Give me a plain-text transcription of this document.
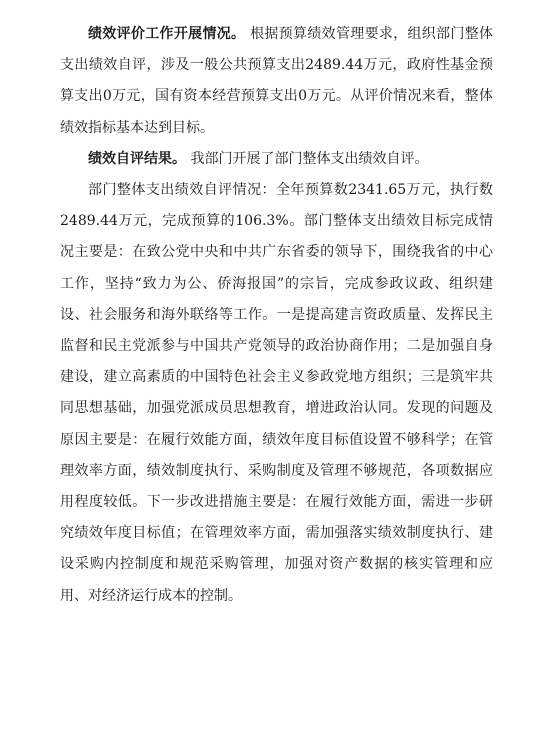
绩效评价工作开展情况。 根据预算绩效管理要求，组织部门整体支出绩效自评，涉及一般公共预算支出2489.44万元，政府性基金预算支出0万元，国有资本经营预算支出0万元。从评价情况来看，整体绩效指标基本达到目标。

绩效自评结果。 我部门开展了部门整体支出绩效自评。

部门整体支出绩效自评情况：全年预算数2341.65万元，执行数2489.44万元，完成预算的106.3%。部门整体支出绩效目标完成情况主要是：在致公党中央和中共广东省委的领导下，围绕我省的中心工作，坚持“致力为公、侨海报国”的宗旨，完成参政议政、组织建设、社会服务和海外联络等工作。一是提高建言资政质量、发挥民主监督和民主党派参与中国共产党领导的政治协商作用；二是加强自身建设，建立高素质的中国特色社会主义参政党地方组织；三是筑牢共同思想基础，加强党派成员思想教育，增进政治认同。发现的问题及原因主要是：在履行效能方面，绩效年度目标值设置不够科学；在管理效率方面，绩效制度执行、采购制度及管理不够规范，各项数据应用程度较低。下一步改进措施主要是：在履行效能方面，需进一步研究绩效年度目标值；在管理效率方面，需加强落实绩效制度执行、建设采购内控制度和规范采购管理，加强对资产数据的核实管理和应用、对经济运行成本的控制。
